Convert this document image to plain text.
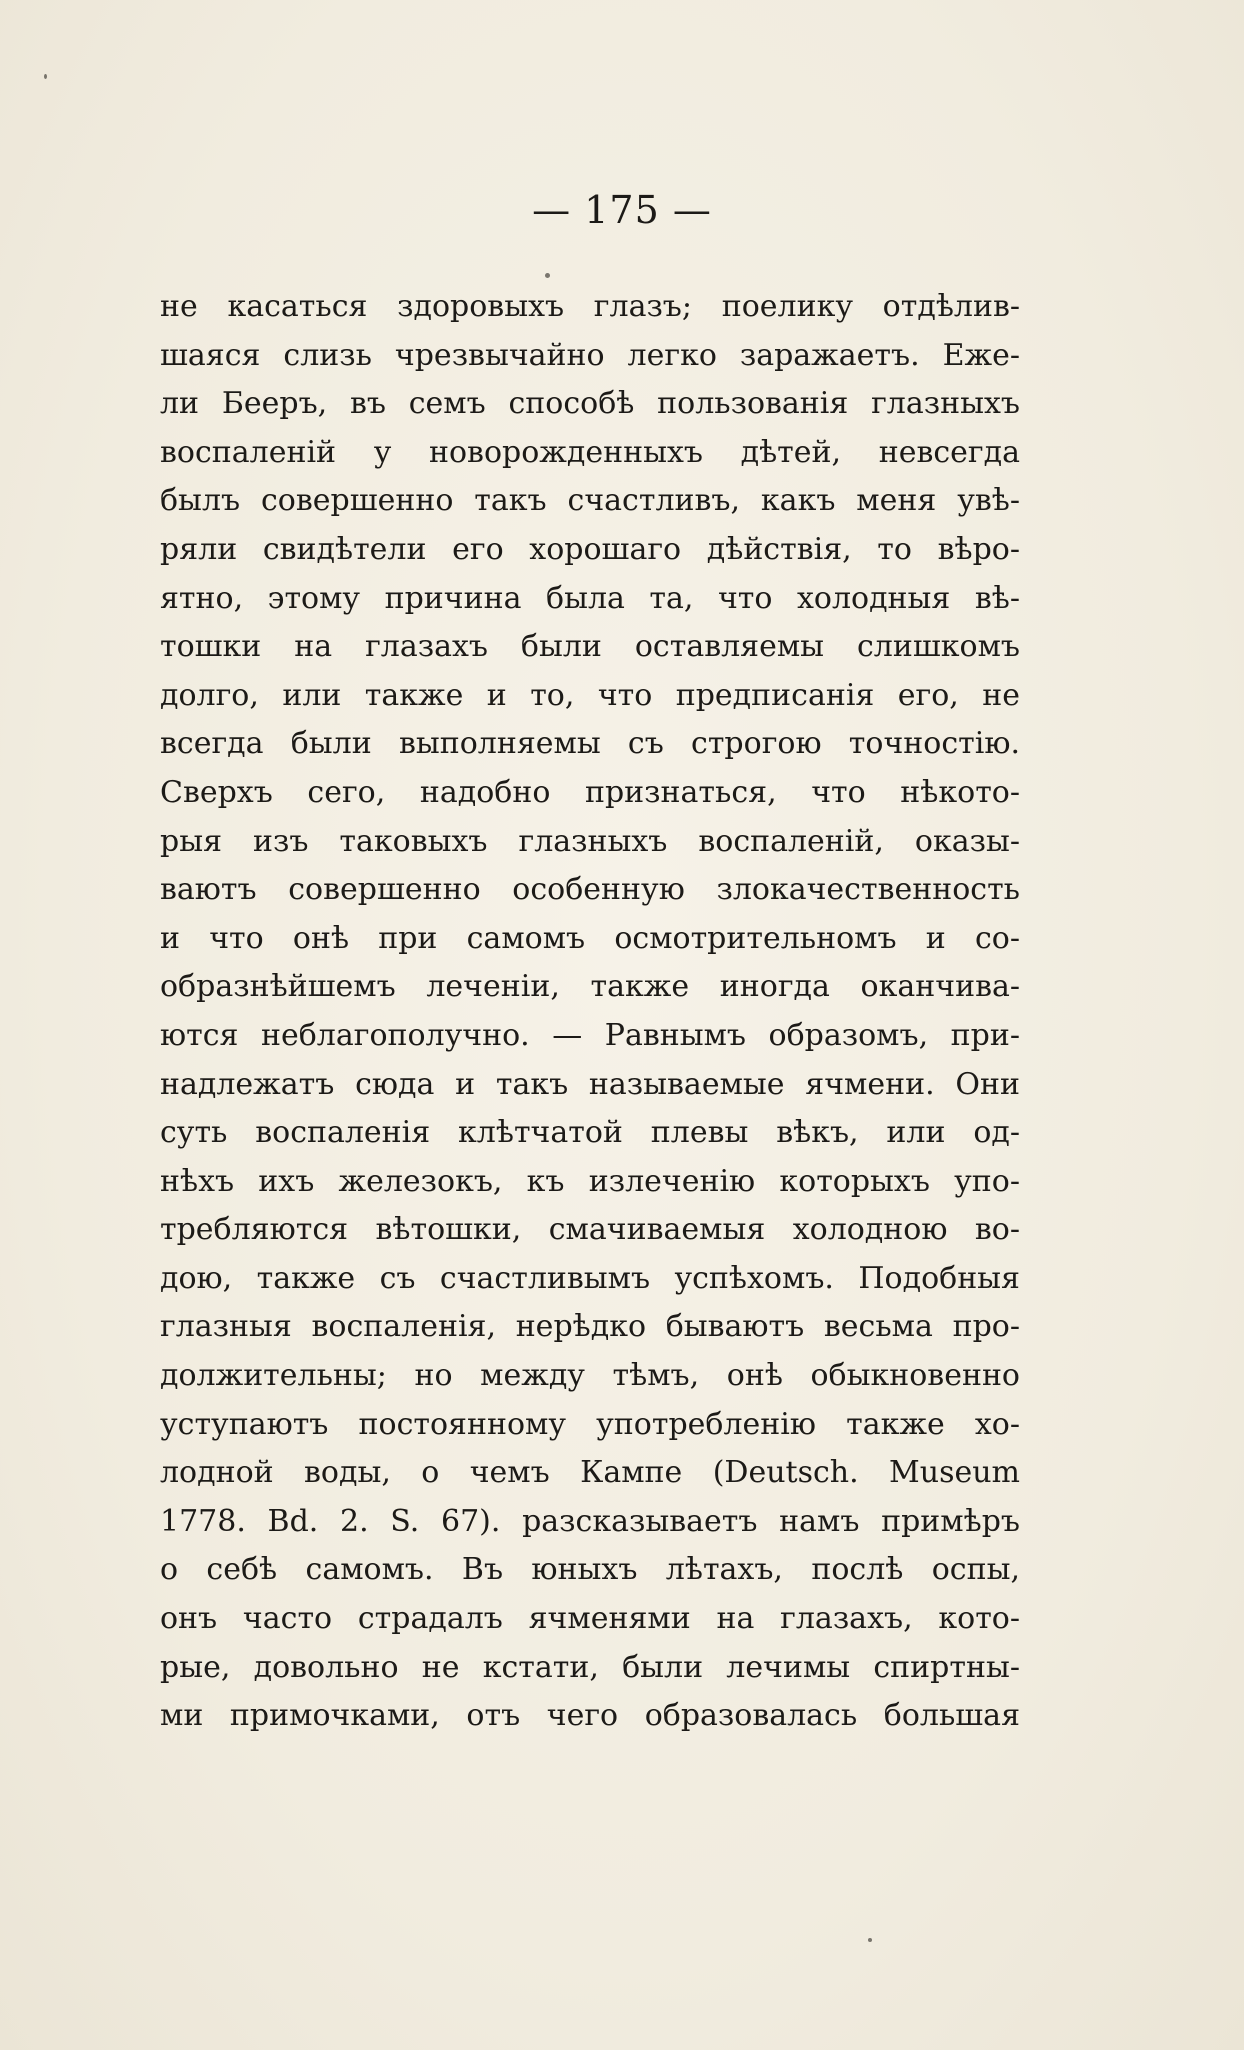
— 175 —
не касаться здоровыхъ глазъ; поелику отдѣлив-
шаяся слизь чрезвычайно легко заражаетъ. Еже-
ли Бееръ, въ семъ способѣ пользованія глазныхъ
воспаленій у новорожденныхъ дѣтей, невсегда
былъ совершенно такъ счастливъ, какъ меня увѣ-
ряли свидѣтели его хорошаго дѣйствія, то вѣро-
ятно, этому причина была та, что холодныя вѣ-
тошки на глазахъ были оставляемы слишкомъ
долго, или также и то, что предписанія его, не
всегда были выполняемы съ строгою точностію.
Сверхъ сего, надобно признаться, что нѣкото-
рыя изъ таковыхъ глазныхъ воспаленій, оказы-
ваютъ совершенно особенную злокачественность
и что онѣ при самомъ осмотрительномъ и со-
образнѣйшемъ леченіи, также иногда оканчива-
ются неблагополучно. — Равнымъ образомъ, при-
надлежатъ сюда и такъ называемые ячмени. Они
суть воспаленія клѣтчатой плевы вѣкъ, или од-
нѣхъ ихъ железокъ, къ излеченію которыхъ упо-
требляются вѣтошки, смачиваемыя холодною во-
дою, также съ счастливымъ успѣхомъ. Подобныя
глазныя воспаленія, нерѣдко бываютъ весьма про-
должительны; но между тѣмъ, онѣ обыкновенно
уступаютъ постоянному употребленію также хо-
лодной воды, о чемъ Кампе (Deutsch. Museum
1778. Bd. 2. S. 67). разсказываетъ намъ примѣръ
о себѣ самомъ. Въ юныхъ лѣтахъ, послѣ оспы,
онъ часто страдалъ ячменями на глазахъ, кото-
рые, довольно не кстати, были лечимы спиртны-
ми примочками, отъ чего образовалась большая
